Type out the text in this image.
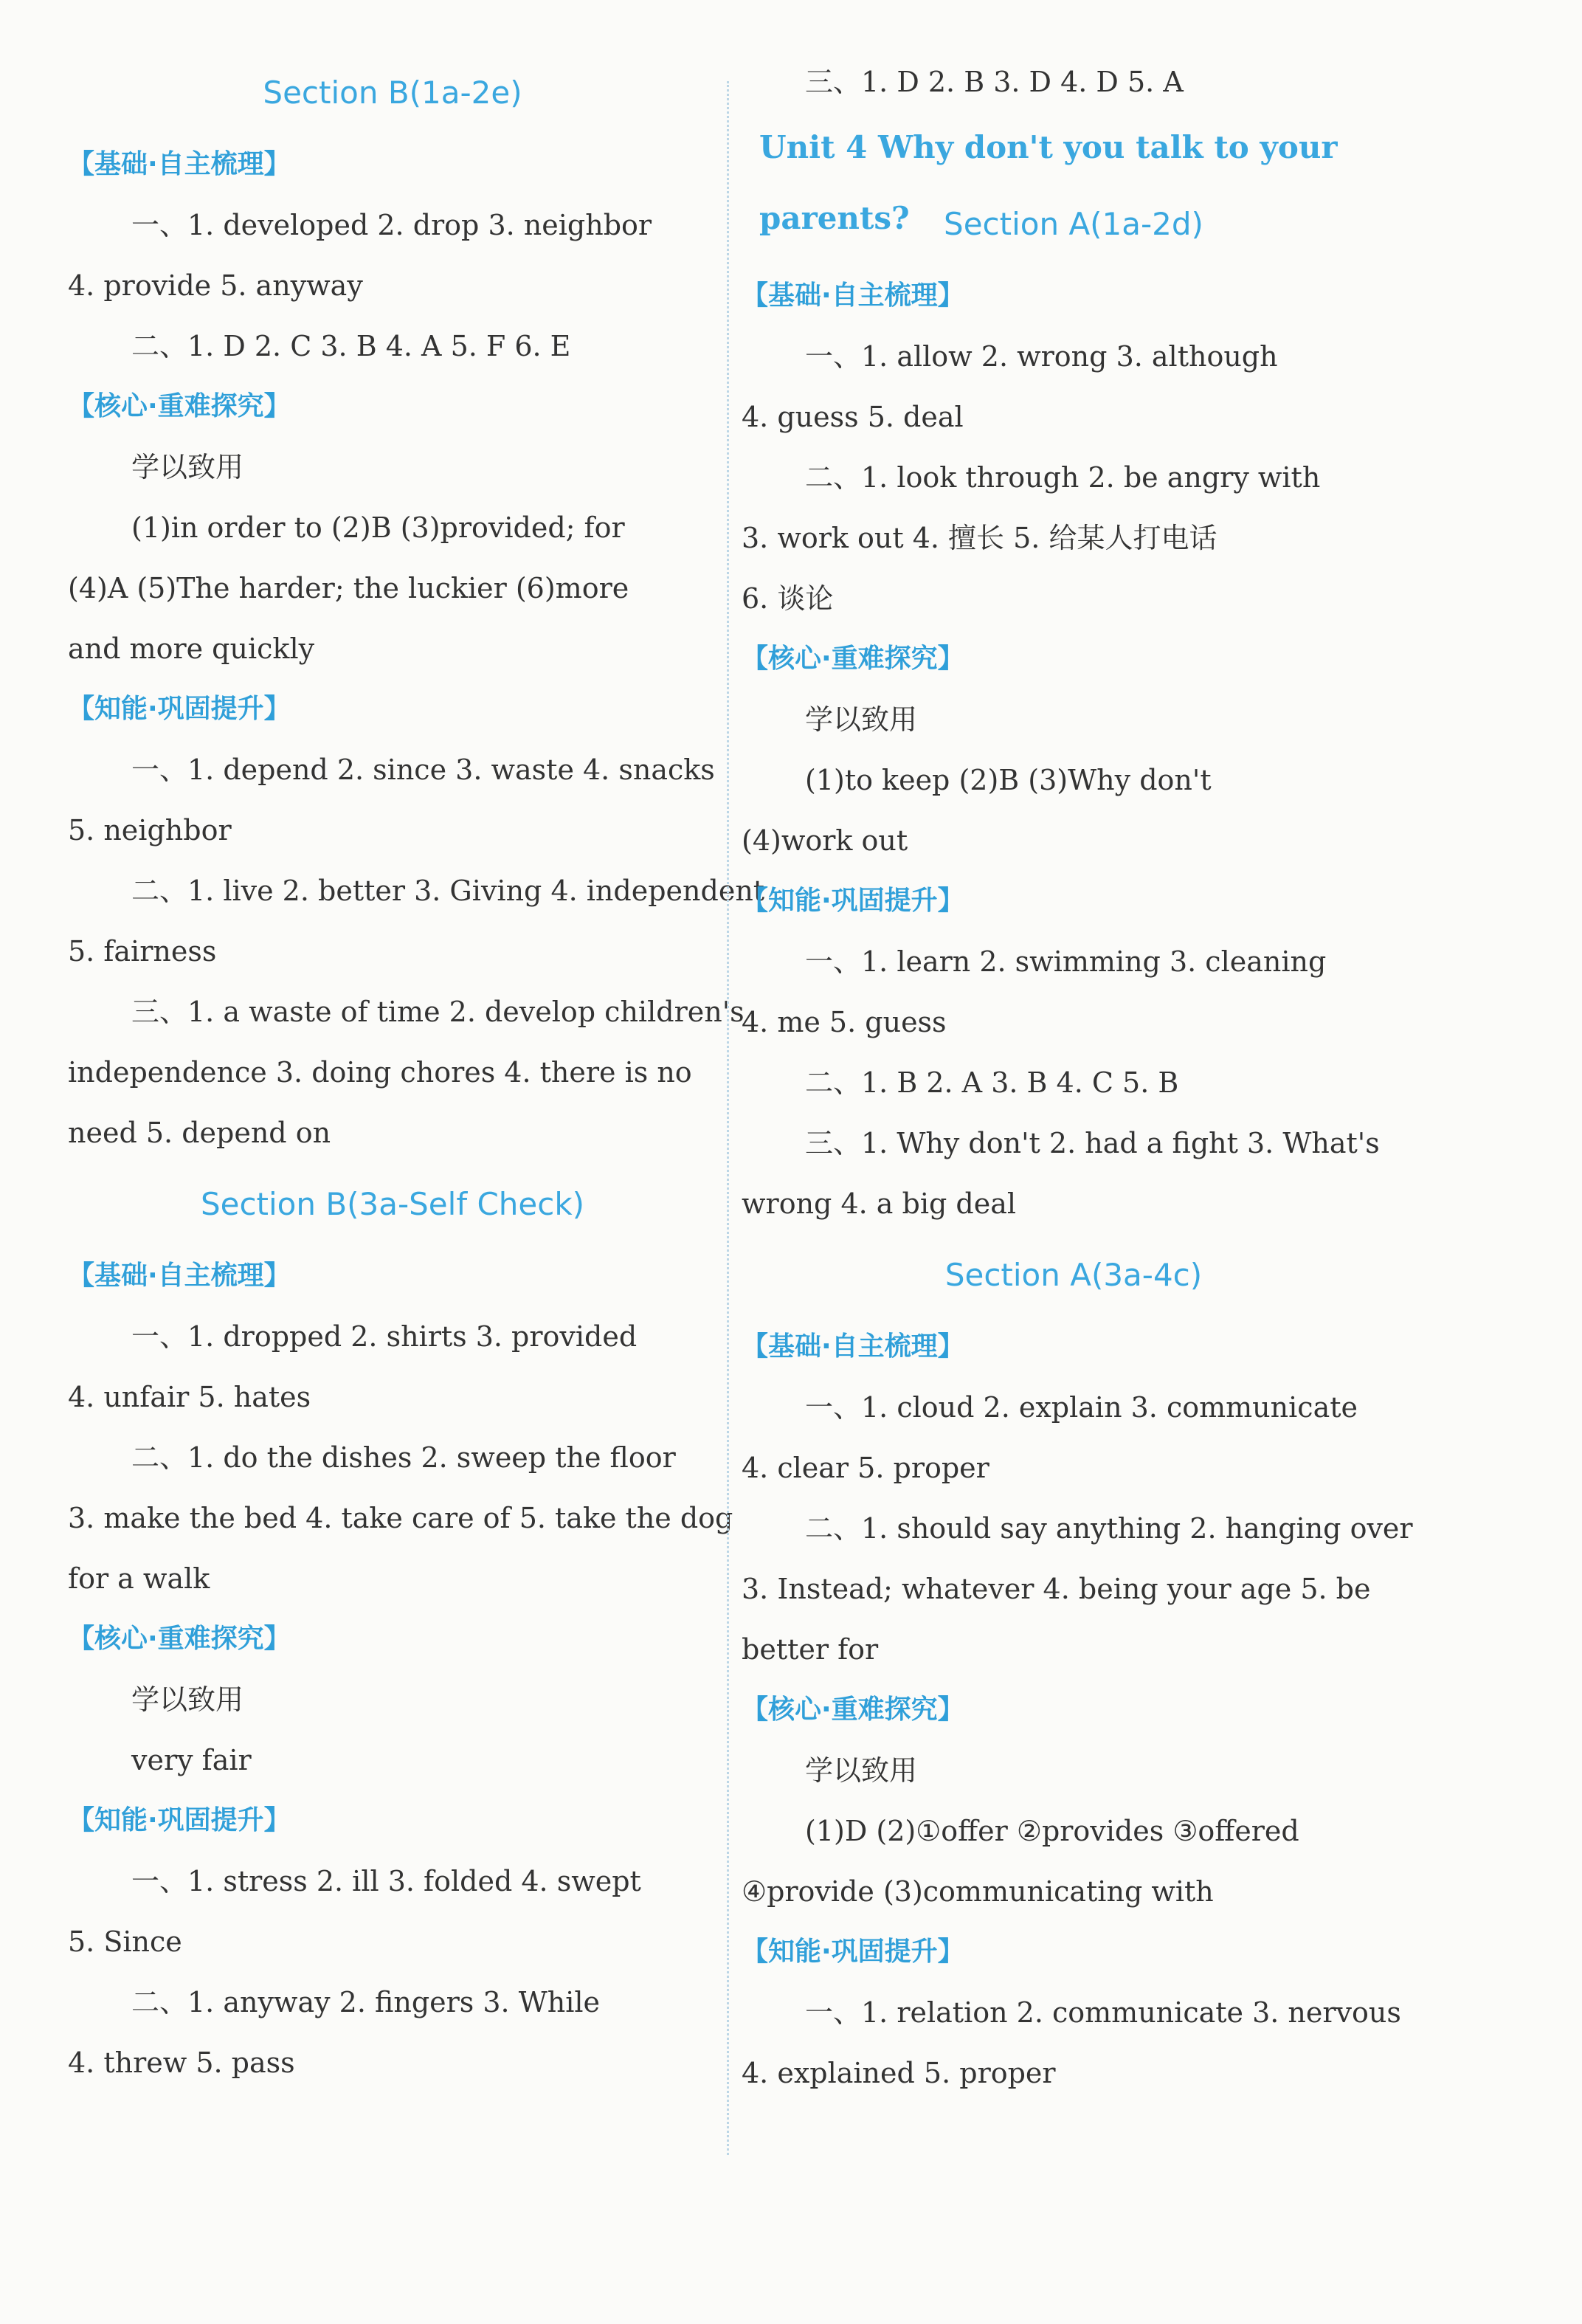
Section B(1a-2e)
【基础·自主梳理】
一、1. developed 2. drop 3. neighbor
4. provide 5. anyway
二、1. D 2. C 3. B 4. A 5. F 6. E
【核心·重难探究】
学以致用
(1)in order to (2)B (3)provided; for
(4)A (5)The harder; the luckier (6)more
and more quickly
【知能·巩固提升】
一、1. depend 2. since 3. waste 4. snacks
5. neighbor
二、1. live 2. better 3. Giving 4. independent
5. fairness
三、1. a waste of time 2. develop children's
independence 3. doing chores 4. there is no
need 5. depend on
Section B(3a-Self Check)
【基础·自主梳理】
一、1. dropped 2. shirts 3. provided
4. unfair 5. hates
二、1. do the dishes 2. sweep the floor
3. make the bed 4. take care of 5. take the dog
for a walk
【核心·重难探究】
学以致用
very fair
【知能·巩固提升】
一、1. stress 2. ill 3. folded 4. swept
5. Since
二、1. anyway 2. fingers 3. While
4. threw 5. pass
三、1. D 2. B 3. D 4. D 5. A
Unit 4 Why don't you talk to your parents?	Section A(1a-2d)
【基础·自主梳理】
一、1. allow 2. wrong 3. although
4. guess 5. deal
二、1. look through 2. be angry with
3. work out 4. 擅长 5. 给某人打电话
6. 谈论
【核心·重难探究】
学以致用
(1)to keep (2)B (3)Why don't
(4)work out
【知能·巩固提升】
一、1. learn 2. swimming 3. cleaning
4. me 5. guess
二、1. B 2. A 3. B 4. C 5. B
三、1. Why don't 2. had a fight 3. What's
wrong 4. a big deal
Section A(3a-4c)
【基础·自主梳理】
一、1. cloud 2. explain 3. communicate
4. clear 5. proper
二、1. should say anything 2. hanging over
3. Instead; whatever 4. being your age 5. be
better for
【核心·重难探究】
学以致用
(1)D (2)①offer ②provides ③offered
④provide (3)communicating with
【知能·巩固提升】
一、1. relation 2. communicate 3. nervous
4. explained 5. proper
